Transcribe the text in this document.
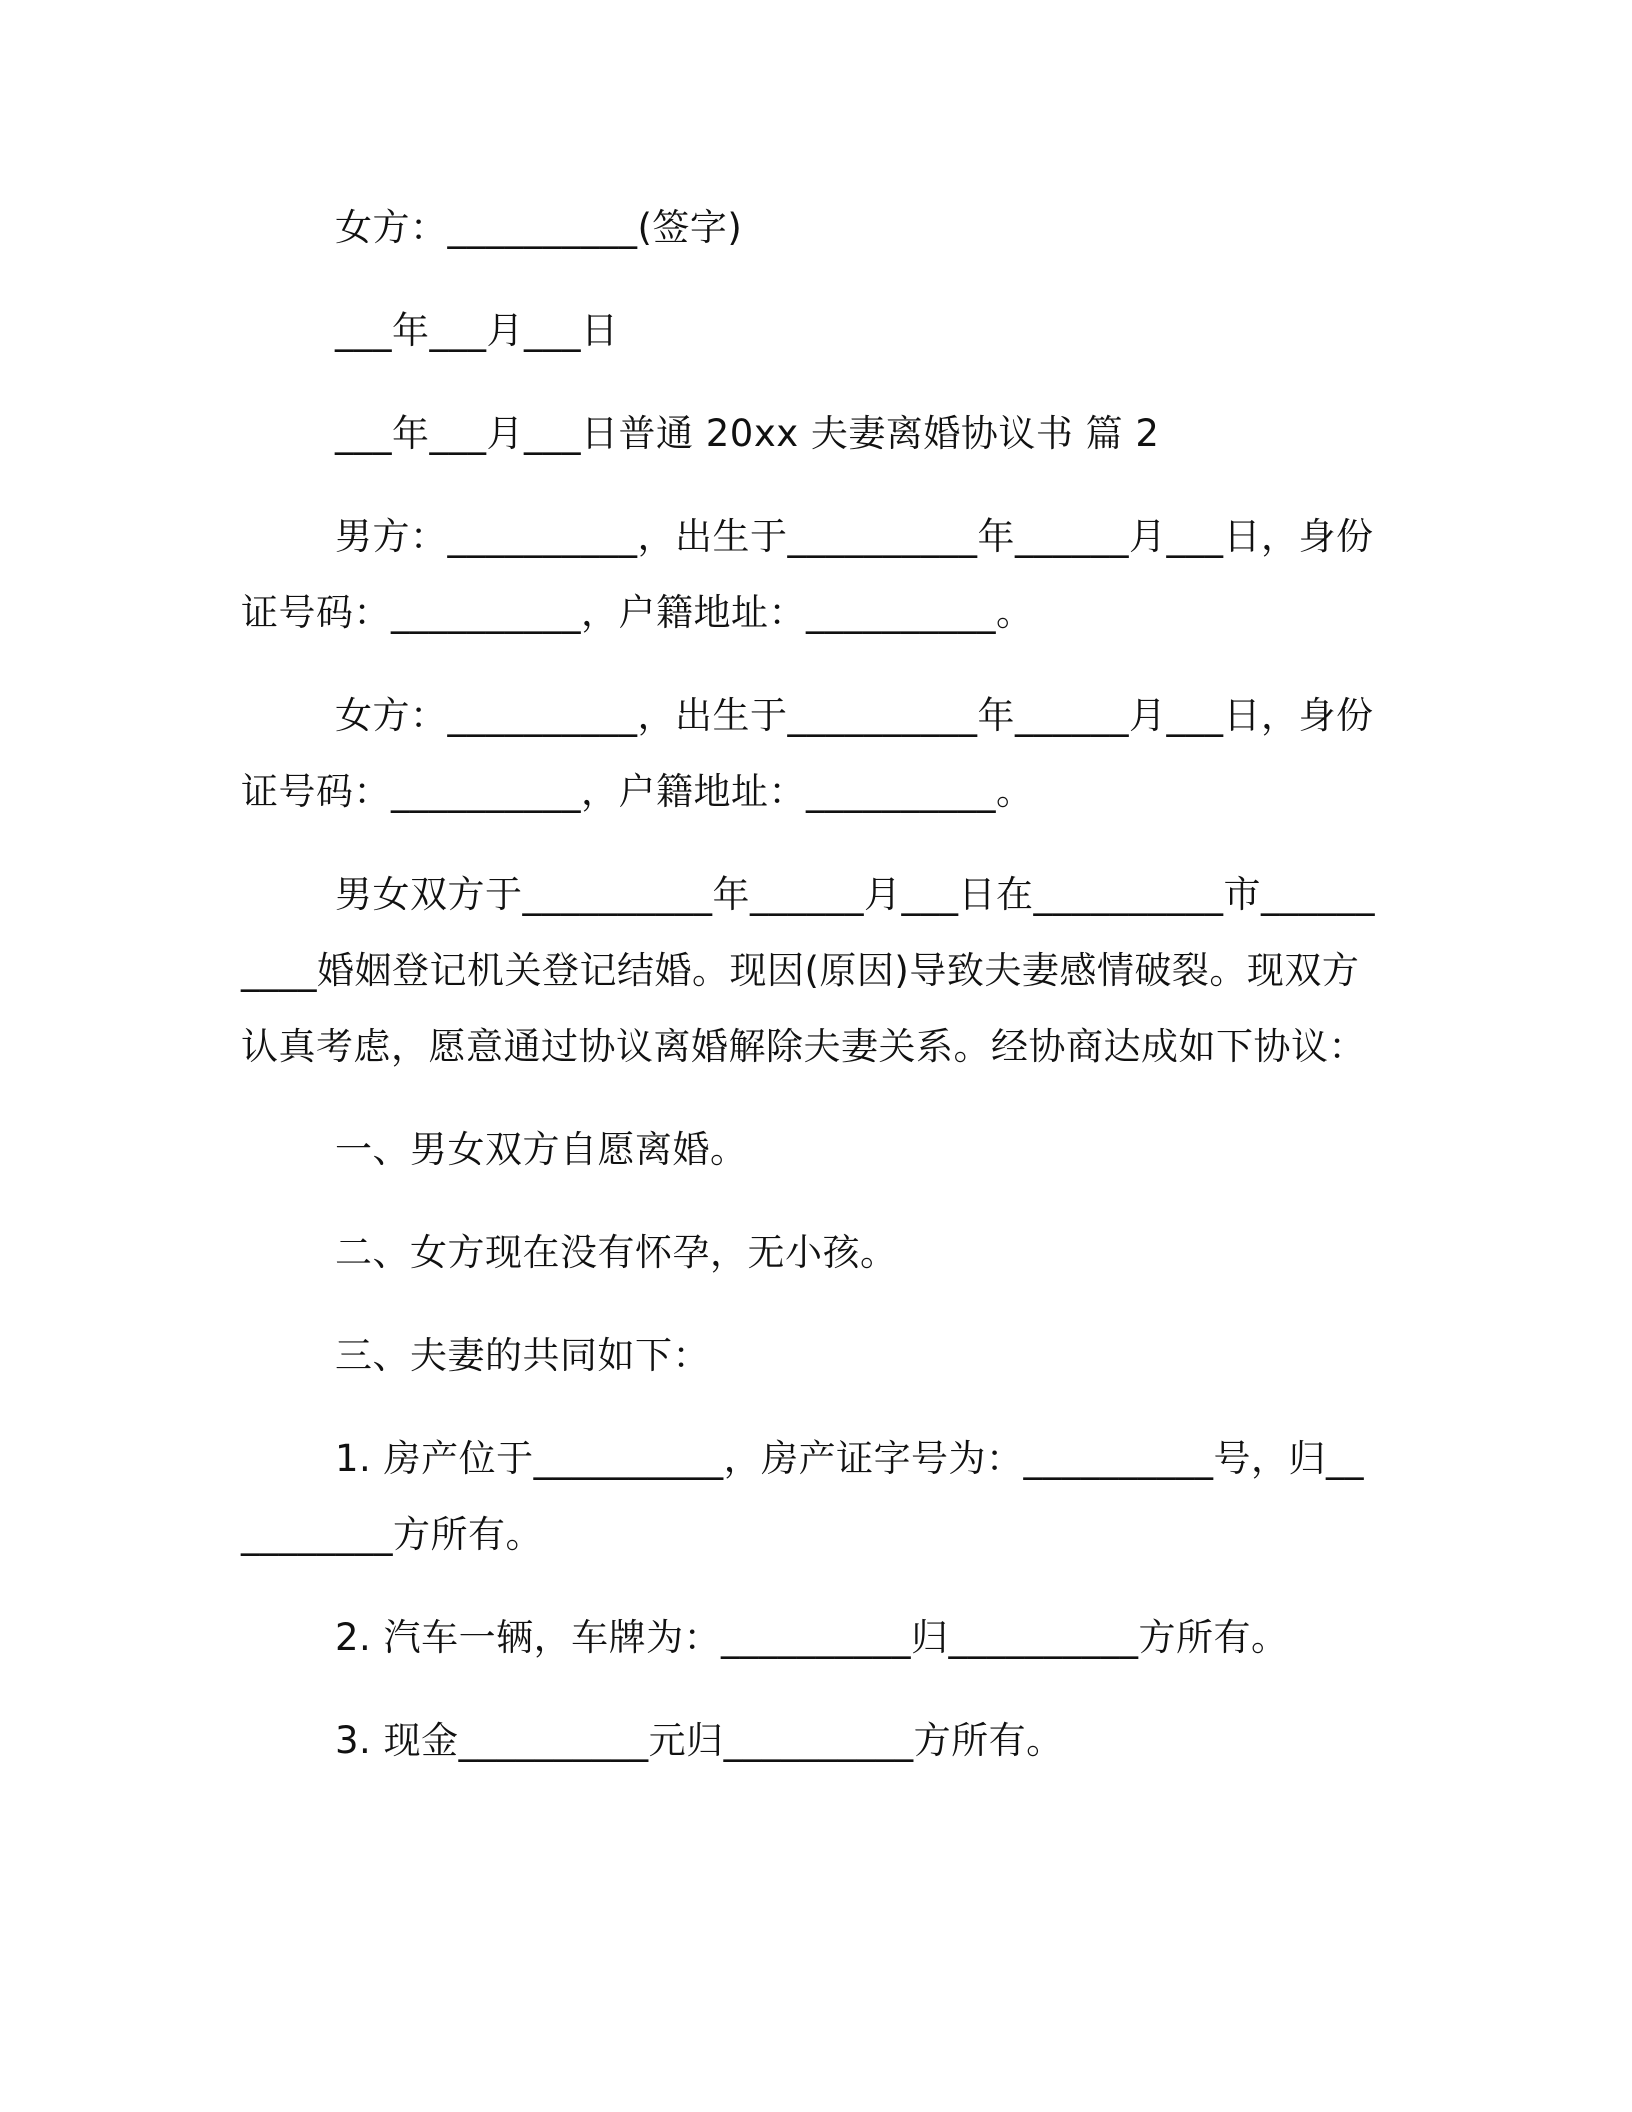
女方：__________(签字)

___年___月___日

___年___月___日普通 20xx 夫妻离婚协议书 篇 2

男方：__________，出生于__________年______月___日，身份证号码：__________，户籍地址：__________。

女方：__________，出生于__________年______月___日，身份证号码：__________，户籍地址：__________。

男女双方于__________年______月___日在__________市__________婚姻登记机关登记结婚。现因(原因)导致夫妻感情破裂。现双方认真考虑，愿意通过协议离婚解除夫妻关系。经协商达成如下协议：

一、男女双方自愿离婚。

二、女方现在没有怀孕，无小孩。

三、夫妻的共同如下：

1. 房产位于__________，房产证字号为：__________号，归__________方所有。

2. 汽车一辆，车牌为：__________归__________方所有。

3. 现金__________元归__________方所有。
